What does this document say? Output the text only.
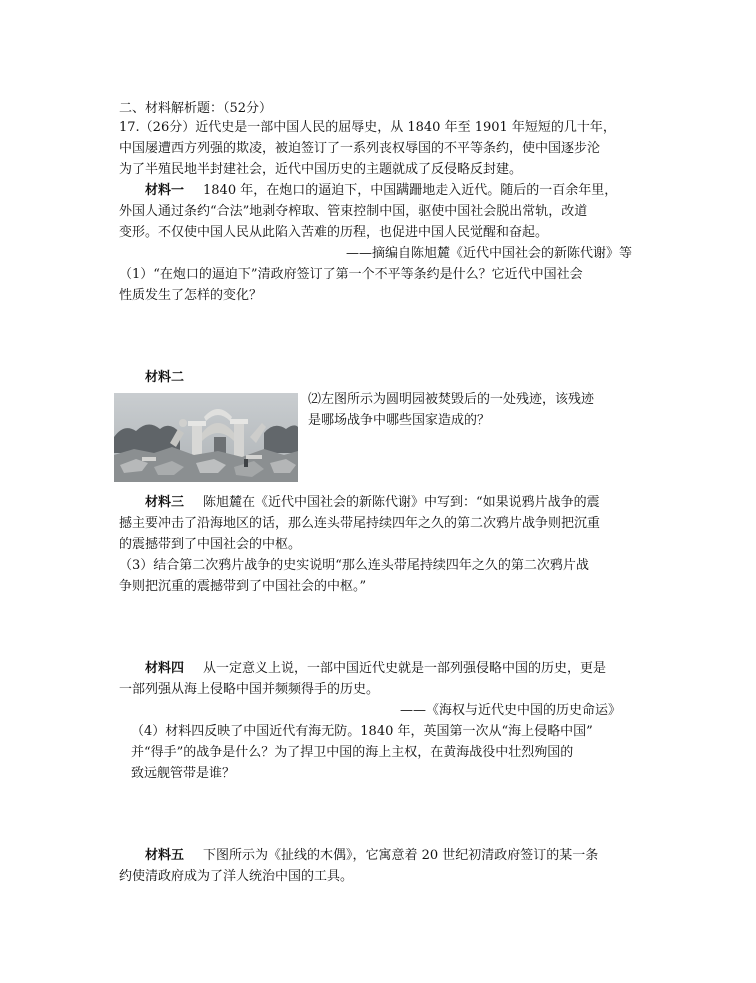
二、材料解析题：（52分）
17.（26分）近代史是一部中国人民的屈辱史，从 1840 年至 1901 年短短的几十年，
中国屡遭西方列强的欺凌，被迫签订了一系列丧权辱国的不平等条约，使中国逐步沦
为了半殖民地半封建社会，近代中国历史的主题就成了反侵略反封建。
材料一 1840 年，在炮口的逼迫下，中国蹒跚地走入近代。随后的一百余年里，
外国人通过条约“合法”地剥夺榨取、管束控制中国，驱使中国社会脱出常轨，改道
变形。不仅使中国人民从此陷入苦难的历程，也促进中国人民觉醒和奋起。
——摘编自陈旭麓《近代中国社会的新陈代谢》等
（1）“在炮口的逼迫下”清政府签订了第一个不平等条约是什么？它近代中国社会
性质发生了怎样的变化？
材料二
⑵左图所示为圆明园被焚毁后的一处残迹，该残迹
是哪场战争中哪些国家造成的？
材料三 陈旭麓在《近代中国社会的新陈代谢》中写到：“如果说鸦片战争的震
撼主要冲击了沿海地区的话，那么连头带尾持续四年之久的第二次鸦片战争则把沉重
的震撼带到了中国社会的中枢。
（3）结合第二次鸦片战争的史实说明“那么连头带尾持续四年之久的第二次鸦片战
争则把沉重的震撼带到了中国社会的中枢。”
材料四 从一定意义上说，一部中国近代史就是一部列强侵略中国的历史，更是
一部列强从海上侵略中国并频频得手的历史。
——《海权与近代史中国的历史命运》
（4）材料四反映了中国近代有海无防。1840 年，英国第一次从“海上侵略中国”
并“得手”的战争是什么？为了捍卫中国的海上主权，在黄海战役中壮烈殉国的
致远舰管带是谁？
材料五 下图所示为《扯线的木偶》，它寓意着 20 世纪初清政府签订的某一条
约使清政府成为了洋人统治中国的工具。
